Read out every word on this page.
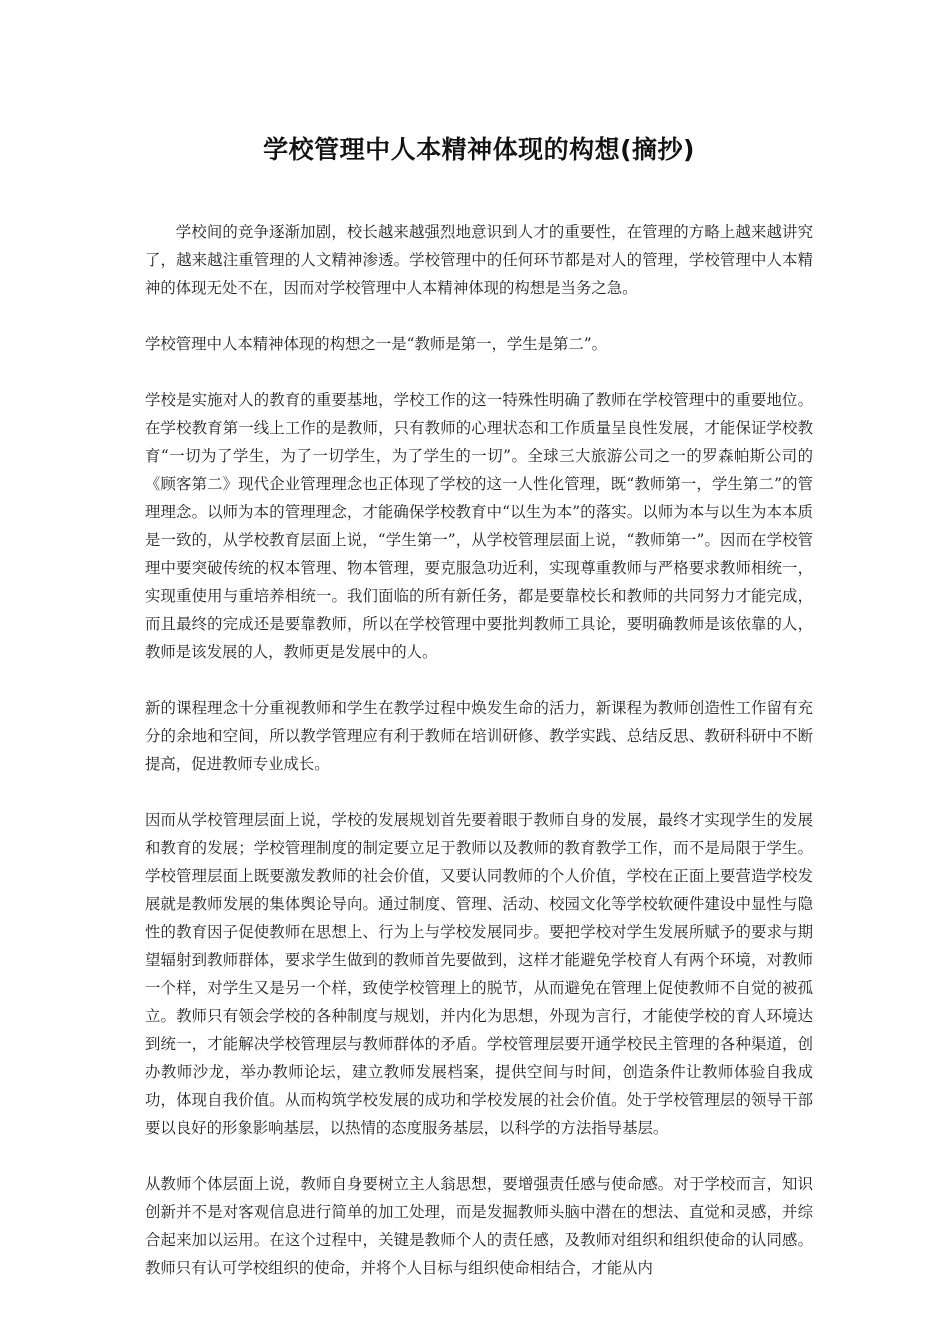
学校管理中人本精神体现的构想(摘抄)

学校间的竞争逐渐加剧，校长越来越强烈地意识到人才的重要性，在管理的方略上越来越讲究了，越来越注重管理的人文精神渗透。学校管理中的任何环节都是对人的管理，学校管理中人本精神的体现无处不在，因而对学校管理中人本精神体现的构想是当务之急。

学校管理中人本精神体现的构想之一是“教师是第一，学生是第二”。

学校是实施对人的教育的重要基地，学校工作的这一特殊性明确了教师在学校管理中的重要地位。在学校教育第一线上工作的是教师，只有教师的心理状态和工作质量呈良性发展，才能保证学校教育“一切为了学生，为了一切学生，为了学生的一切”。全球三大旅游公司之一的罗森帕斯公司的《顾客第二》现代企业管理理念也正体现了学校的这一人性化管理，既“教师第一，学生第二”的管理理念。以师为本的管理理念，才能确保学校教育中“以生为本”的落实。以师为本与以生为本本质是一致的，从学校教育层面上说，“学生第一”，从学校管理层面上说，“教师第一”。因而在学校管理中要突破传统的权本管理、物本管理，要克服急功近利，实现尊重教师与严格要求教师相统一，实现重使用与重培养相统一。我们面临的所有新任务，都是要靠校长和教师的共同努力才能完成，而且最终的完成还是要靠教师，所以在学校管理中要批判教师工具论，要明确教师是该依靠的人，教师是该发展的人，教师更是发展中的人。

新的课程理念十分重视教师和学生在教学过程中焕发生命的活力，新课程为教师创造性工作留有充分的余地和空间，所以教学管理应有利于教师在培训研修、教学实践、总结反思、教研科研中不断提高，促进教师专业成长。

因而从学校管理层面上说，学校的发展规划首先要着眼于教师自身的发展，最终才实现学生的发展和教育的发展；学校管理制度的制定要立足于教师以及教师的教育教学工作，而不是局限于学生。学校管理层面上既要激发教师的社会价值，又要认同教师的个人价值，学校在正面上要营造学校发展就是教师发展的集体舆论导向。通过制度、管理、活动、校园文化等学校软硬件建设中显性与隐性的教育因子促使教师在思想上、行为上与学校发展同步。要把学校对学生发展所赋予的要求与期望辐射到教师群体，要求学生做到的教师首先要做到，这样才能避免学校育人有两个环境，对教师一个样，对学生又是另一个样，致使学校管理上的脱节，从而避免在管理上促使教师不自觉的被孤立。教师只有领会学校的各种制度与规划，并内化为思想，外现为言行，才能使学校的育人环境达到统一，才能解决学校管理层与教师群体的矛盾。学校管理层要开通学校民主管理的各种渠道，创办教师沙龙，举办教师论坛，建立教师发展档案，提供空间与时间，创造条件让教师体验自我成功，体现自我价值。从而构筑学校发展的成功和学校发展的社会价值。处于学校管理层的领导干部要以良好的形象影响基层，以热情的态度服务基层，以科学的方法指导基层。

从教师个体层面上说，教师自身要树立主人翁思想，要增强责任感与使命感。对于学校而言，知识创新并不是对客观信息进行简单的加工处理，而是发掘教师头脑中潜在的想法、直觉和灵感，并综合起来加以运用。在这个过程中，关键是教师个人的责任感，及教师对组织和组织使命的认同感。教师只有认可学校组织的使命，并将个人目标与组织使命相结合，才能从内
